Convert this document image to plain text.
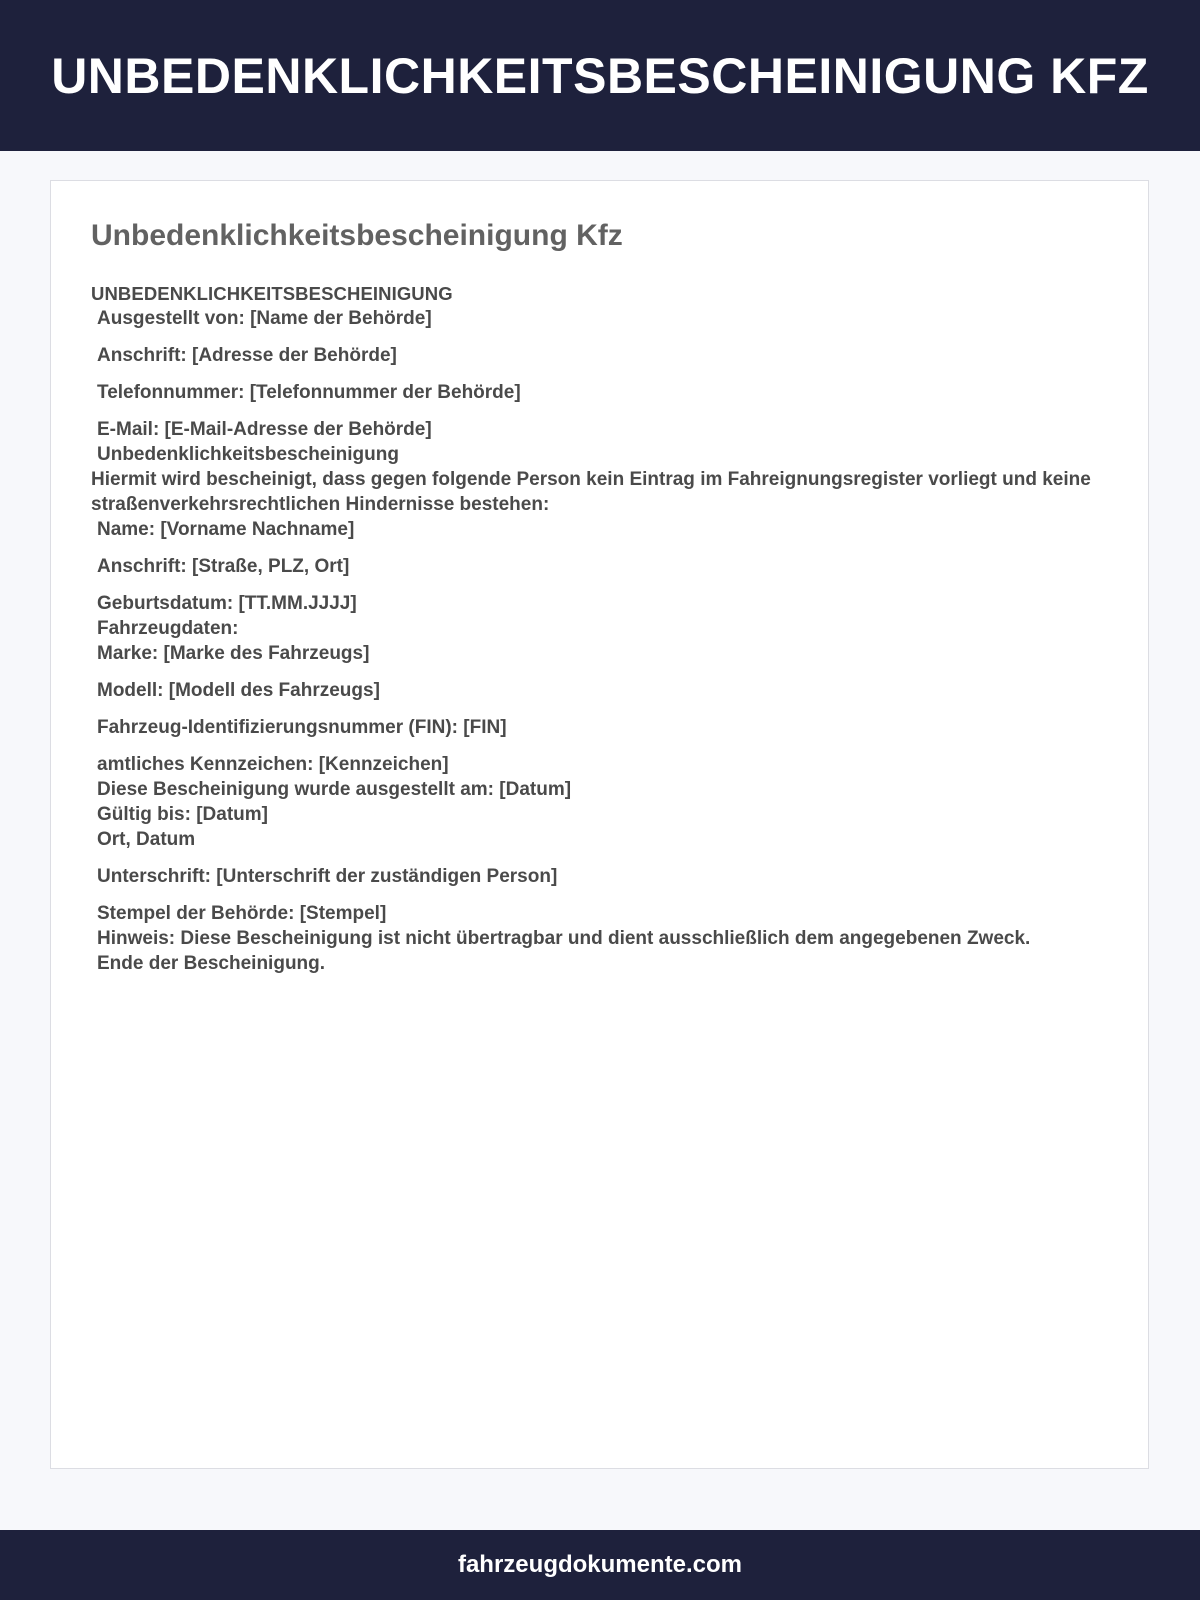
UNBEDENKLICHKEITSBESCHEINIGUNG KFZ
Unbedenklichkeitsbescheinigung Kfz
UNBEDENKLICHKEITSBESCHEINIGUNG
Ausgestellt von: [Name der Behörde]
Anschrift: [Adresse der Behörde]
Telefonnummer: [Telefonnummer der Behörde]
E-Mail: [E-Mail-Adresse der Behörde]
Unbedenklichkeitsbescheinigung
Hiermit wird bescheinigt, dass gegen folgende Person kein Eintrag im Fahreignungsregister vorliegt und keine straßenverkehrsrechtlichen Hindernisse bestehen:
Name: [Vorname Nachname]
Anschrift: [Straße, PLZ, Ort]
Geburtsdatum: [TT.MM.JJJJ]
Fahrzeugdaten:
Marke: [Marke des Fahrzeugs]
Modell: [Modell des Fahrzeugs]
Fahrzeug-Identifizierungsnummer (FIN): [FIN]
amtliches Kennzeichen: [Kennzeichen]
Diese Bescheinigung wurde ausgestellt am: [Datum]
Gültig bis: [Datum]
Ort, Datum
Unterschrift: [Unterschrift der zuständigen Person]
Stempel der Behörde: [Stempel]
Hinweis: Diese Bescheinigung ist nicht übertragbar und dient ausschließlich dem angegebenen Zweck.
Ende der Bescheinigung.
fahrzeugdokumente.com
